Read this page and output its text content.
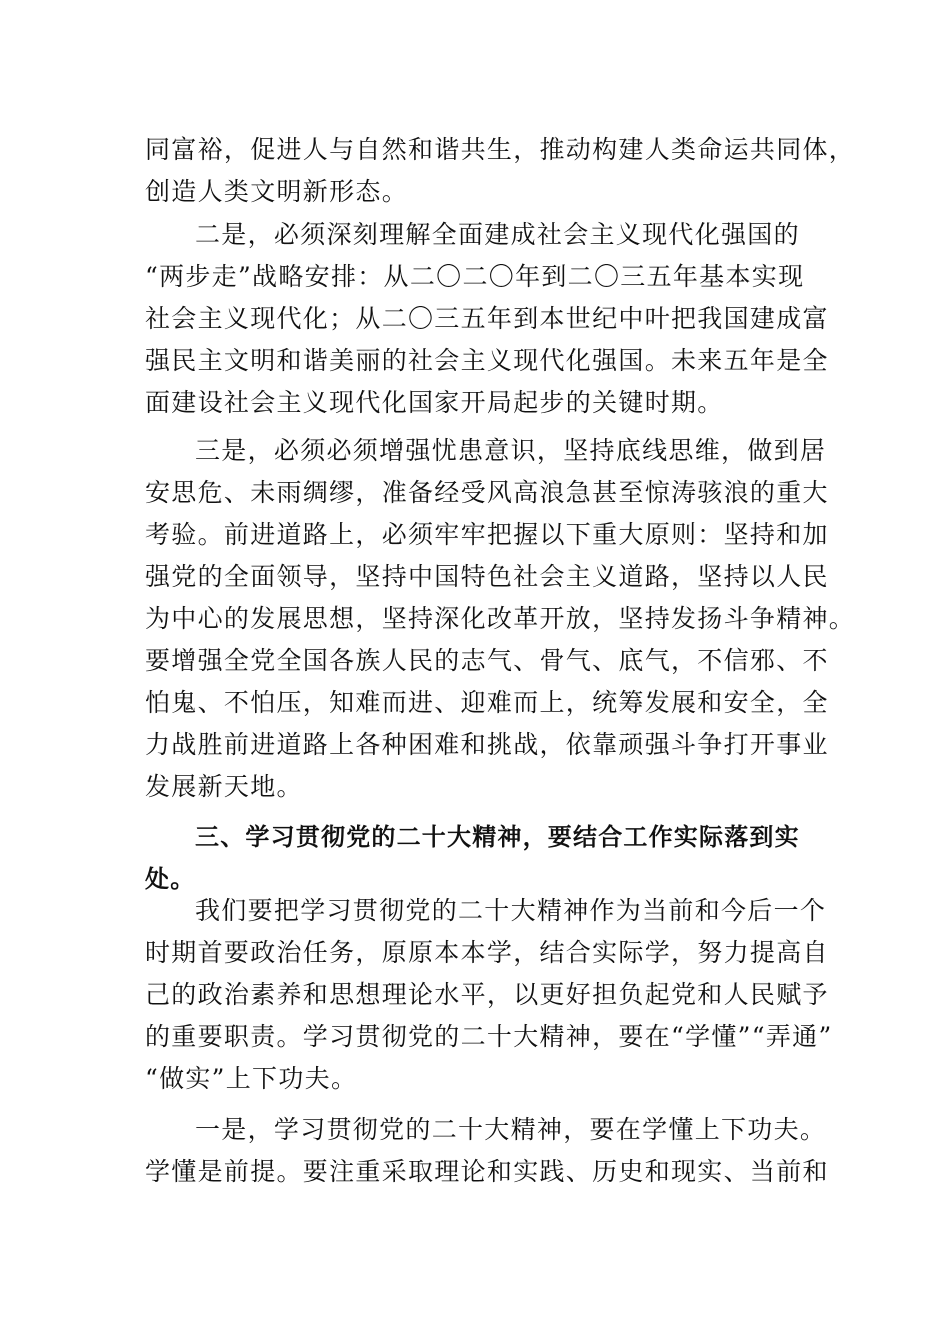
同富裕，促进人与自然和谐共生，推动构建人类命运共同体，
创造人类文明新形态。
二是，必须深刻理解全面建成社会主义现代化强国的
“两步走”战略安排：从二〇二〇年到二〇三五年基本实现
社会主义现代化；从二〇三五年到本世纪中叶把我国建成富
强民主文明和谐美丽的社会主义现代化强国。未来五年是全
面建设社会主义现代化国家开局起步的关键时期。
三是，必须必须增强忧患意识，坚持底线思维，做到居
安思危、未雨绸缪，准备经受风高浪急甚至惊涛骇浪的重大
考验。前进道路上，必须牢牢把握以下重大原则：坚持和加
强党的全面领导，坚持中国特色社会主义道路，坚持以人民
为中心的发展思想，坚持深化改革开放，坚持发扬斗争精神。
要增强全党全国各族人民的志气、骨气、底气，不信邪、不
怕鬼、不怕压，知难而进、迎难而上，统筹发展和安全，全
力战胜前进道路上各种困难和挑战，依靠顽强斗争打开事业
发展新天地。
三、学习贯彻党的二十大精神，要结合工作实际落到实
处。
我们要把学习贯彻党的二十大精神作为当前和今后一个
时期首要政治任务，原原本本学，结合实际学，努力提高自
己的政治素养和思想理论水平，以更好担负起党和人民赋予
的重要职责。学习贯彻党的二十大精神，要在“学懂”“弄通”
“做实”上下功夫。
一是，学习贯彻党的二十大精神，要在学懂上下功夫。
学懂是前提。要注重采取理论和实践、历史和现实、当前和
